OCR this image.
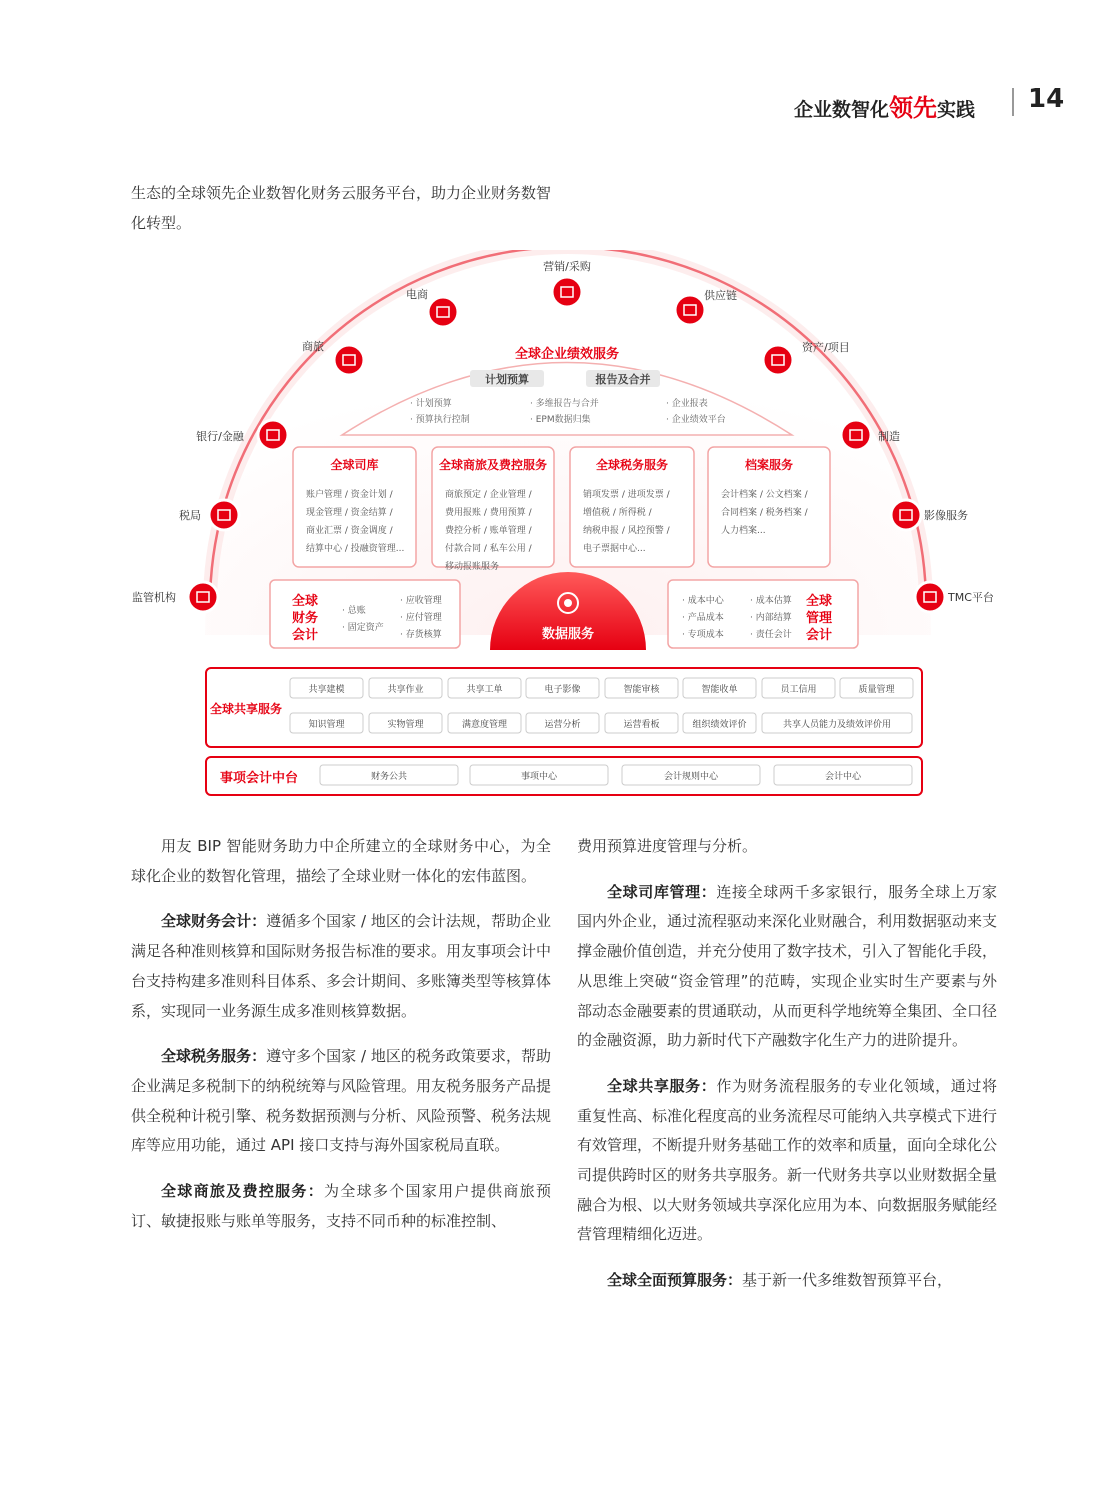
企业数智化领先实践 14
生态的全球领先企业数智化财务云服务平台，助力企业财务数智化转型。
营销/采购
电商	供应链
商旅	资产/项目
银行/金融	制造
税局	影像服务
监管机构	TMC平台
全球企业绩效服务
计划预算	报告及合并
· 计划预算
· 预算执行控制
· 多维报告与合并
· EPM数据归集
· 企业报表
· 企业绩效平台
全球司库
账户管理 / 资金计划 /
现金管理 / 资金结算 /
商业汇票 / 资金调度 /
结算中心 / 投融资管理...
全球商旅及费控服务
商旅预定 / 企业管理 /
费用报账 / 费用预算 /
费控分析 / 账单管理 /
付款合同 / 私车公用 /
移动报账服务
全球税务服务
销项发票 / 进项发票 /
增值税 / 所得税 /
纳税申报 / 风控预警 /
电子票据中心...
档案服务
会计档案 / 公文档案 /
合同档案 / 税务档案 /
人力档案...
全球
财务
会计
· 总账
· 固定资产
· 应收管理
· 应付管理
· 存货核算	数据服务
· 成本中心
· 产品成本
· 专项成本
· 成本估算
· 内部结算
· 责任会计
全球
管理
会计
全球共享服务
共享建模	共享作业	共享工单	电子影像	智能审核	智能收单	员工信用	质量管理
知识管理	实物管理	满意度管理	运营分析	运营看板	组织绩效评价	共享人员能力及绩效评价用
事项会计中台	财务公共	事项中心	会计规则中心	会计中心

用友 BIP 智能财务助力中企所建立的全球财务中心，为全球化企业的数智化管理，描绘了全球业财一体化的宏伟蓝图。

全球财务会计：遵循多个国家 / 地区的会计法规，帮助企业满足各种准则核算和国际财务报告标准的要求。用友事项会计中台支持构建多准则科目体系、多会计期间、多账簿类型等核算体系，实现同一业务源生成多准则核算数据。

全球税务服务：遵守多个国家 / 地区的税务政策要求，帮助企业满足多税制下的纳税统筹与风险管理。用友税务服务产品提供全税种计税引擎、税务数据预测与分析、风险预警、税务法规库等应用功能，通过 API 接口支持与海外国家税局直联。

全球商旅及费控服务：为全球多个国家用户提供商旅预订、敏捷报账与账单等服务，支持不同币种的标准控制、

费用预算进度管理与分析。

全球司库管理：连接全球两千多家银行，服务全球上万家国内外企业，通过流程驱动来深化业财融合，利用数据驱动来支撑金融价值创造，并充分使用了数字技术，引入了智能化手段，从思维上突破“资金管理”的范畴，实现企业实时生产要素与外部动态金融要素的贯通联动，从而更科学地统筹全集团、全口径的金融资源，助力新时代下产融数字化生产力的进阶提升。

全球共享服务：作为财务流程服务的专业化领域，通过将重复性高、标准化程度高的业务流程尽可能纳入共享模式下进行有效管理，不断提升财务基础工作的效率和质量，面向全球化公司提供跨时区的财务共享服务。新一代财务共享以业财数据全量融合为根、以大财务领域共享深化应用为本、向数据服务赋能经营管理精细化迈进。

全球全面预算服务：基于新一代多维数智预算平台，
